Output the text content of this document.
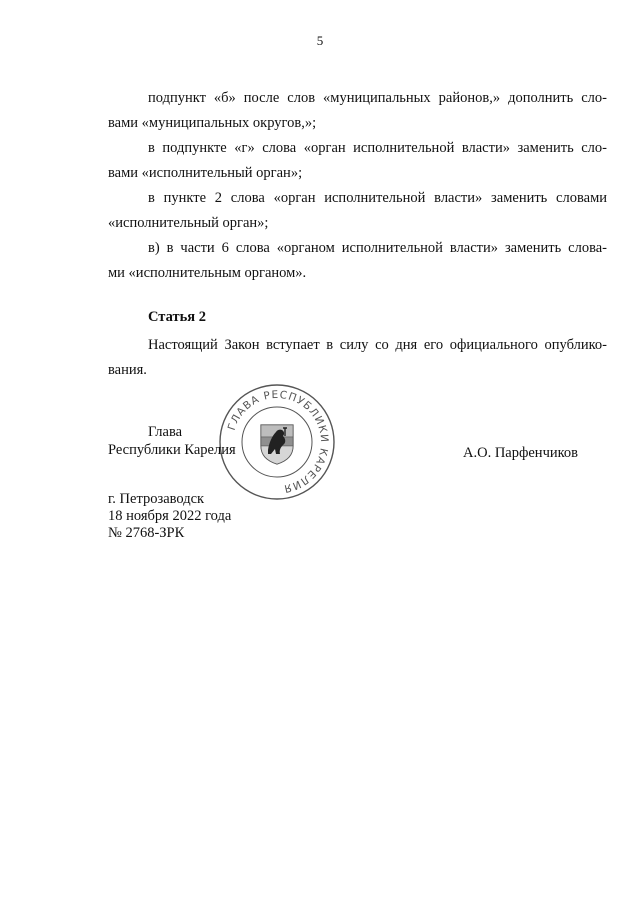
5

подпункт «б» после слов «муниципальных районов,» дополнить сло-
вами «муниципальных округов,»;

в подпункте «г» слова «орган исполнительной власти» заменить сло-
вами «исполнительный орган»;

в пункте 2 слова «орган исполнительной власти» заменить словами
«исполнительный орган»;

в) в части 6 слова «органом исполнительной власти» заменить слова-
ми «исполнительным органом».

Статья 2

Настоящий Закон вступает в силу со дня его официального опублико-
вания.

ГЛАВА РЕСПУБЛИКИ КАРЕЛИЯ
Глава
Республики Карелия	А.О. Парфенчиков
г. Петрозаводск
18 ноября 2022 года
№ 2768-ЗРК
